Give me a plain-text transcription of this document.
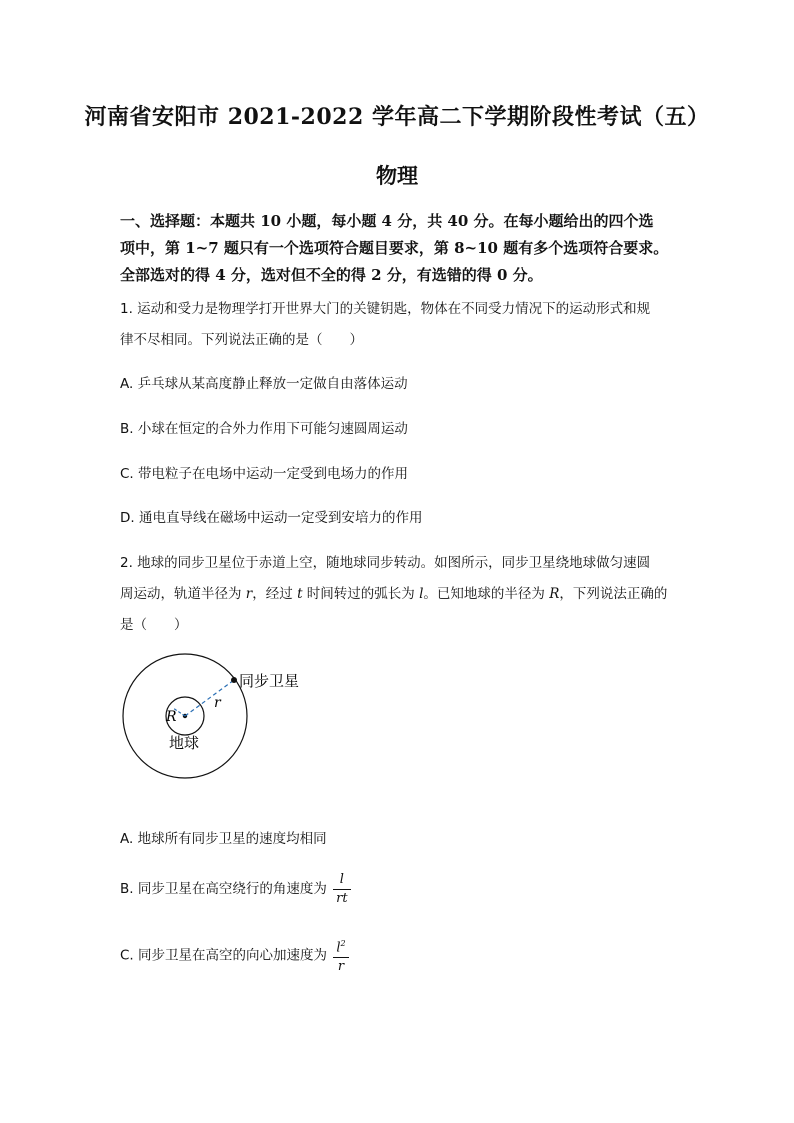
河南省安阳市 2021-2022 学年高二下学期阶段性考试（五）
物理
一、选择题：本题共 10 小题，每小题 4 分，共 40 分。在每小题给出的四个选
项中，第 1~7 题只有一个选项符合题目要求，第 8~10 题有多个选项符合要求。
全部选对的得 4 分，选对但不全的得 2 分，有选错的得 0 分。
1. 运动和受力是物理学打开世界大门的关键钥匙，物体在不同受力情况下的运动形式和规
律不尽相同。下列说法正确的是（　　）
A. 乒乓球从某高度静止释放一定做自由落体运动
B. 小球在恒定的合外力作用下可能匀速圆周运动
C. 带电粒子在电场中运动一定受到电场力的作用
D. 通电直导线在磁场中运动一定受到安培力的作用
2. 地球的同步卫星位于赤道上空，随地球同步转动。如图所示，同步卫星绕地球做匀速圆
周运动，轨道半径为 r，经过 t 时间转过的弧长为 l。已知地球的半径为 R，下列说法正确的
是（　　）
同步卫星
r
R
地球
A. 地球所有同步卫星的速度均相同
B. 同步卫星在高空绕行的角速度为 $\frac{l}{rt}$
C. 同步卫星在高空的向心加速度为 $\frac{l^2}{r}$
